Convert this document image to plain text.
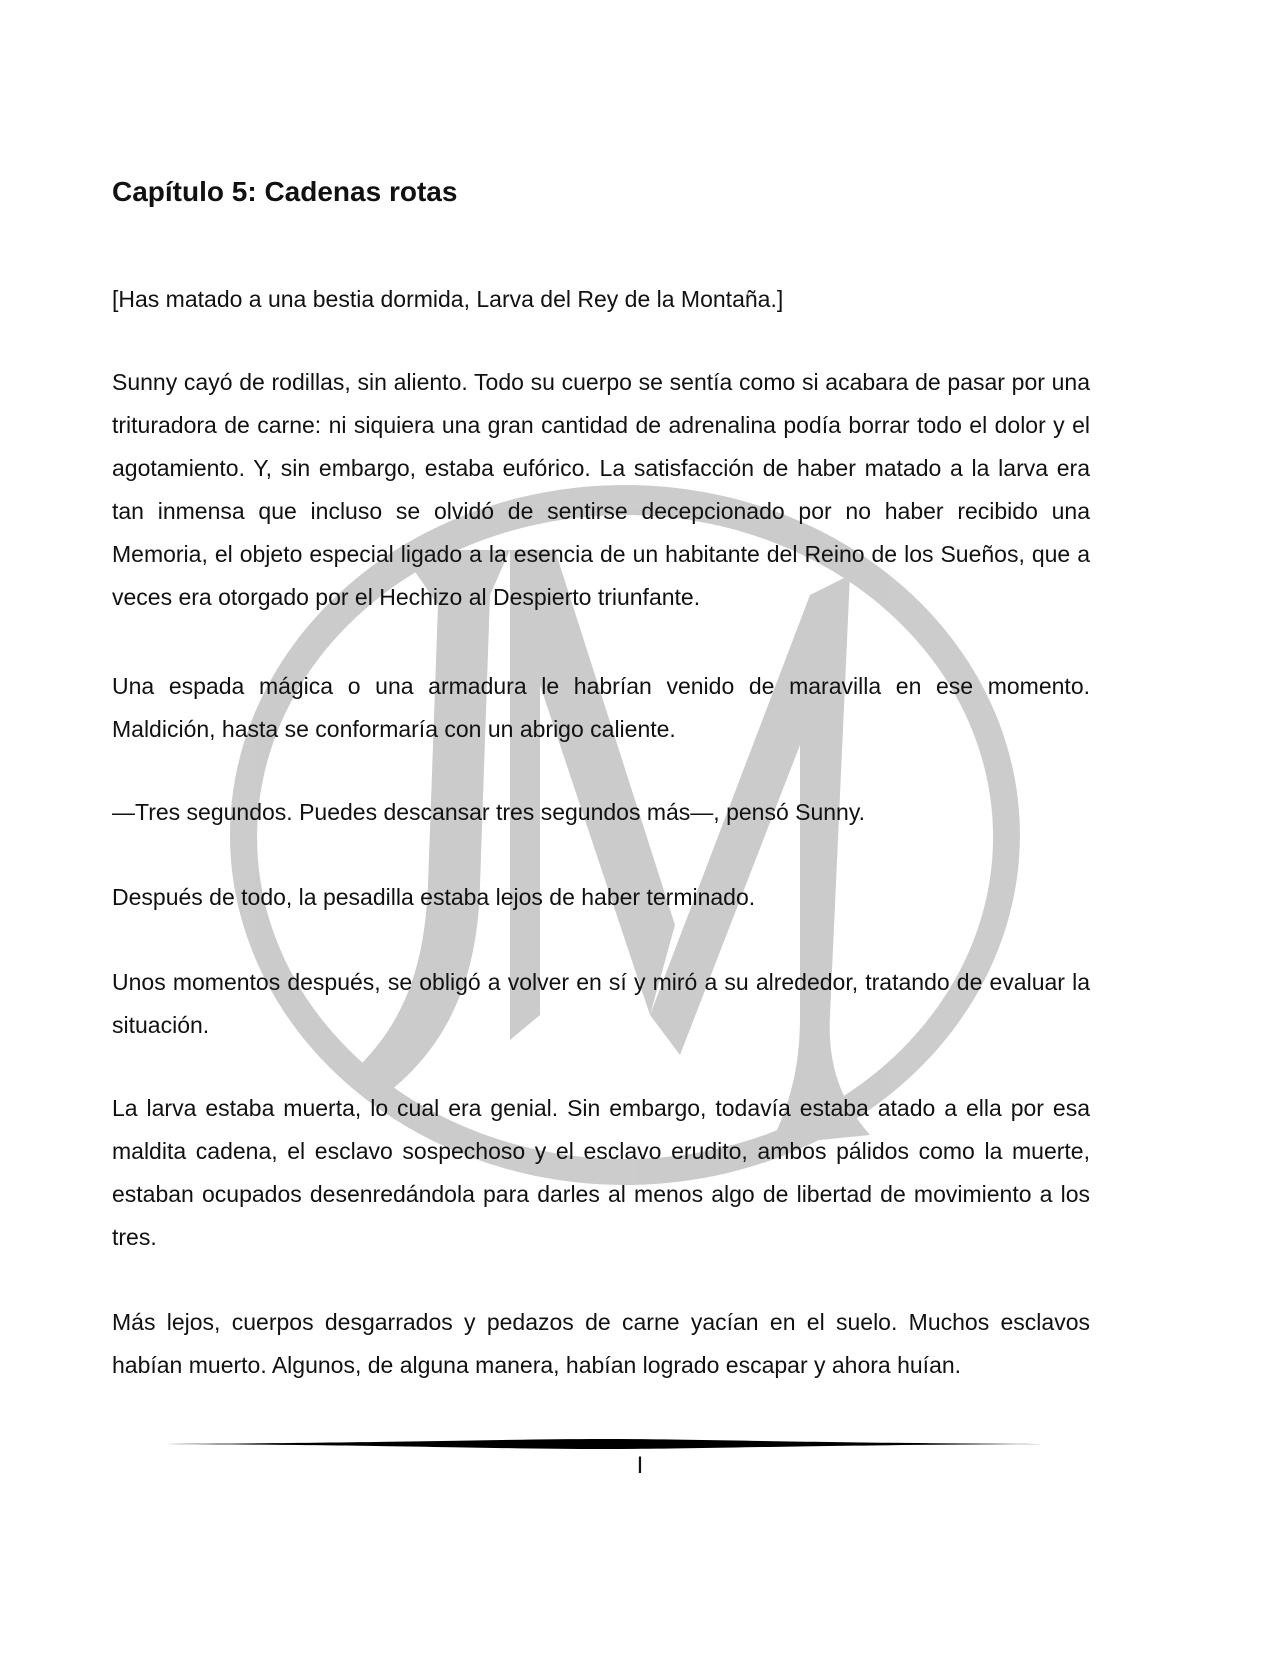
Capítulo 5: Cadenas rotas

[Has matado a una bestia dormida, Larva del Rey de la Montaña.]

Sunny cayó de rodillas, sin aliento. Todo su cuerpo se sentía como si acabara de pasar por una trituradora de carne: ni siquiera una gran cantidad de adrenalina podía borrar todo el dolor y el agotamiento. Y, sin embargo, estaba eufórico. La satisfacción de haber matado a la larva era tan inmensa que incluso se olvidó de sentirse decepcionado por no haber recibido una Memoria, el objeto especial ligado a la esencia de un habitante del Reino de los Sueños, que a veces era otorgado por el Hechizo al Despierto triunfante.

Una espada mágica o una armadura le habrían venido de maravilla en ese momento. Maldición, hasta se conformaría con un abrigo caliente.

—Tres segundos. Puedes descansar tres segundos más—, pensó Sunny.

Después de todo, la pesadilla estaba lejos de haber terminado.

Unos momentos después, se obligó a volver en sí y miró a su alrededor, tratando de evaluar la situación.

La larva estaba muerta, lo cual era genial. Sin embargo, todavía estaba atado a ella por esa maldita cadena, el esclavo sospechoso y el esclavo erudito, ambos pálidos como la muerte, estaban ocupados desenredándola para darles al menos algo de libertad de movimiento a los tres.

Más lejos, cuerpos desgarrados y pedazos de carne yacían en el suelo. Muchos esclavos habían muerto. Algunos, de alguna manera, habían logrado escapar y ahora huían.

I
